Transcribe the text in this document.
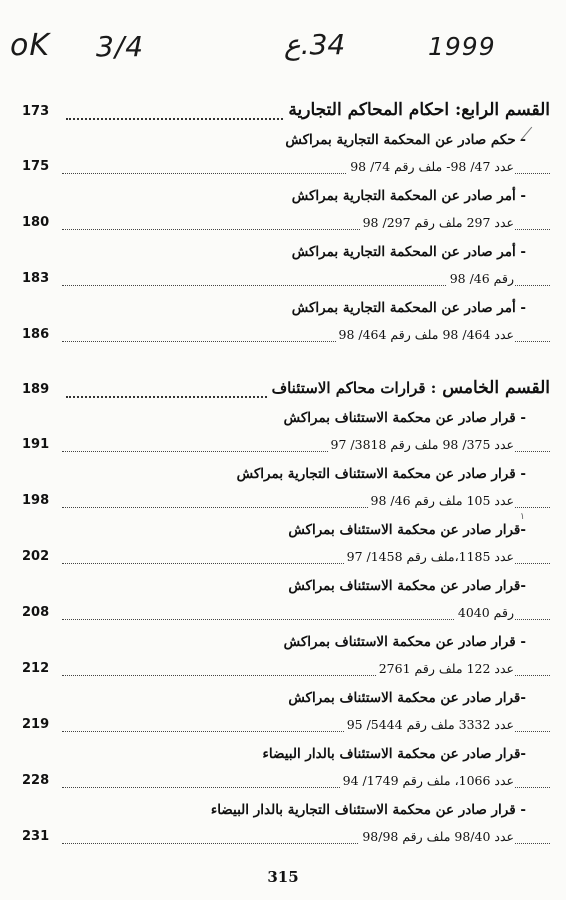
oK 3/4	34.ع	1999
١
القسم الرابع: احكام المحاكم التجارية
173
- حكم صادر عن المحكمة التجارية بمراكش
عدد 47/ 98- ملف رقم 74/ 98
175
- أمر صادر عن المحكمة التجارية بمراكش
عدد 297 ملف رقم 297/ 98
180
- أمر صادر عن المحكمة التجارية بمراكش
رقم 46/ 98
183
- أمر صادر عن المحكمة التجارية بمراكش
عدد 464/ 98 ملف رقم 464/ 98
186
القسم الخامس : قرارات محاكم الاستئناف
189
- قرار صادر عن محكمة الاستئناف بمراكش
عدد 375/ 98 ملف رقم 3818/ 97
191
- قرار صادر عن محكمة الاستئناف التجارية بمراكش
عدد 105 ملف رقم 46/ 98
198
-قرار صادر عن محكمة الاستئناف بمراكش
عدد 1185،ملف رقم 1458/ 97
202
-قرار صادر عن محكمة الاستئناف بمراكش
رقم 4040
208
- قرار صادر عن محكمة الاستئناف بمراكش
عدد 122 ملف رقم 2761
212
-قرار صادر عن محكمة الاستئناف بمراكش
عدد 3332 ملف رقم 5444/ 95
219
-قرار صادر عن محكمة الاستئناف بالدار البيضاء
عدد 1066، ملف رقم 1749/ 94
228
- قرار صادر عن محكمة الاستئناف التجارية بالدار البيضاء
عدد 98/40 ملف رقم 98/98
231
315
